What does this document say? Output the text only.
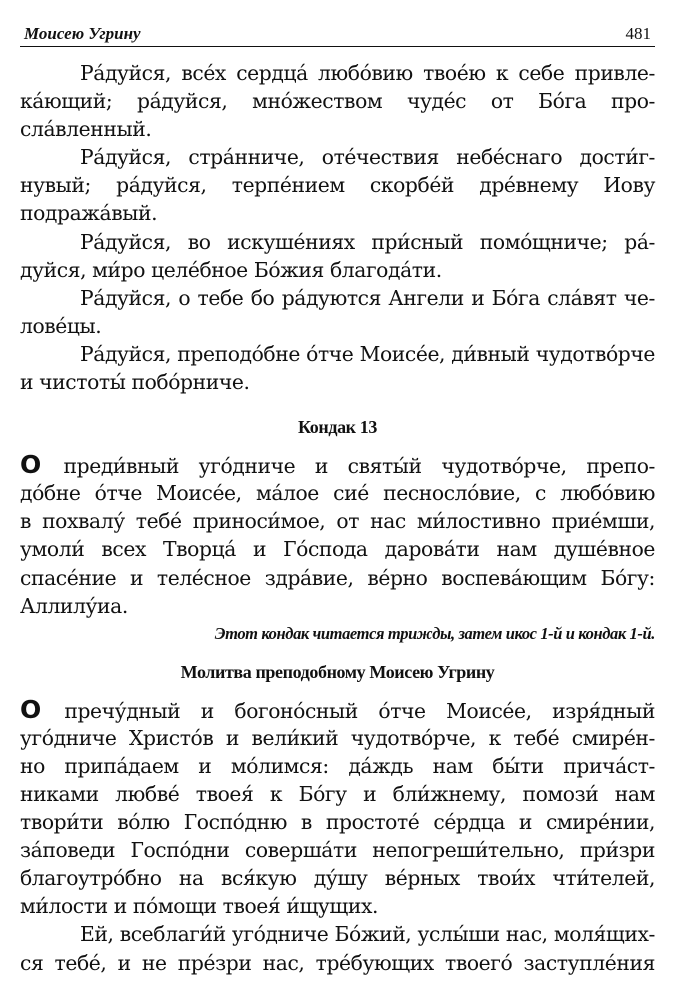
Моисею Угрину	481
Ра́дуйся, все́х сердца́ любо́вию твое́ю к себе привле-
ка́ющий; ра́дуйся, мно́жеством чуде́с от Бо́га про-
сла́вленный.
Ра́дуйся, стра́нниче, оте́чествия небе́снаго дости́г-
нувый; ра́дуйся, терпе́нием скорбе́й дре́внему Иову
подража́вый.
Ра́дуйся, во искуше́ниях при́сный помо́щниче; ра́-
дуйся, ми́ро целе́бное Бо́жия благода́ти.
Ра́дуйся, о тебе бо ра́дуются Ангели и Бо́га сла́вят че-
лове́цы.
Ра́дуйся, преподо́бне о́тче Моисе́е, ди́вный чудотво́рче
и чистоты́ побо́рниче.
Кондак 13
О преди́вный уго́дниче и святы́й чудотво́рче, препо-
до́бне о́тче Моисе́е, ма́лое сие́ песносло́вие, с любо́вию
в похвалу́ тебе́ приноси́мое, от нас ми́лостивно прие́мши,
умоли́ всех Творца́ и Го́спода дарова́ти нам душе́вное
спасе́ние и теле́сное здра́вие, ве́рно воспева́ющим Бо́гу:
Аллилу́иа.
Этот кондак читается трижды, затем икос 1-й и кондак 1-й.
Молитва преподобному Моисею Угрину
О пречу́дный и богоно́сный о́тче Моисе́е, изря́дный
уго́дниче Христо́в и вели́кий чудотво́рче, к тебе́ смире́н-
но припа́даем и мо́лимся: да́ждь нам бы́ти прича́ст-
никами любве́ твоея́ к Бо́гу и бли́жнему, помози́ нам
твори́ти во́лю Госпо́дню в простоте́ се́рдца и смире́нии,
за́поведи Госпо́дни соверша́ти непогреши́тельно, при́зри
благоутро́бно на вся́кую ду́шу ве́рных твои́х чти́телей,
ми́лости и по́мощи твоея́ и́щущих.
Ей, всеблаги́й уго́дниче Бо́жий, услы́ши нас, моля́щих-
ся тебе́, и не пре́зри нас, тре́бующих твоего́ заступле́ния
